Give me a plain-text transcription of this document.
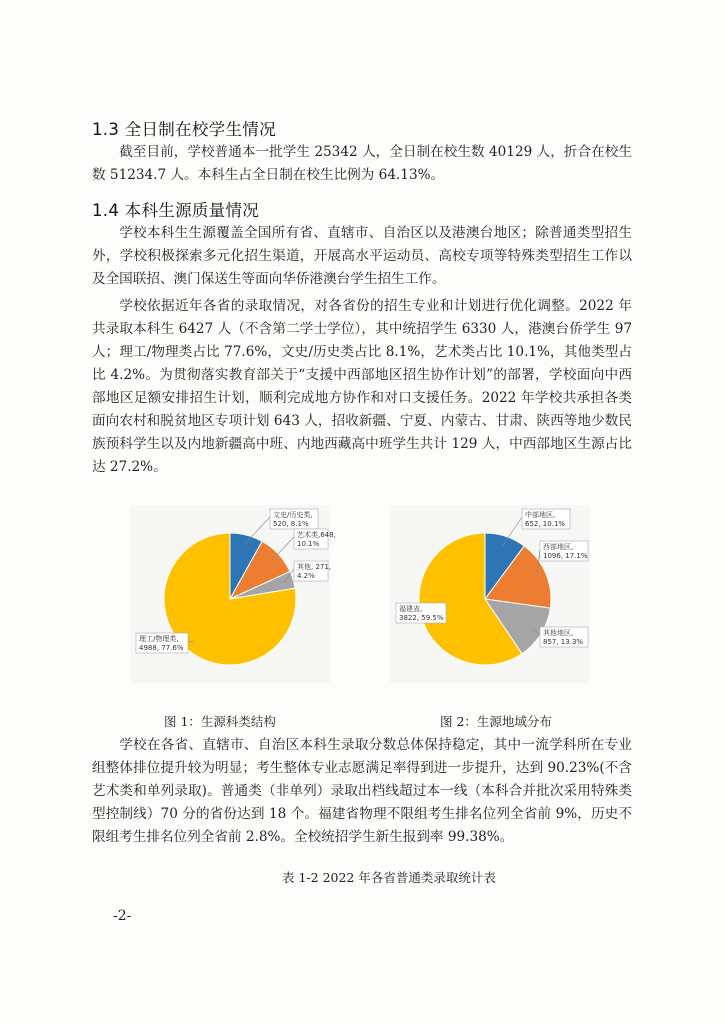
1.3 全日制在校学生情况

截至目前，学校普通本一批学生 25342 人，全日制在校生数 40129 人，折合在校生数 51234.7 人。本科生占全日制在校生比例为 64.13%。

1.4 本科生源质量情况

学校本科生生源覆盖全国所有省、直辖市、自治区以及港澳台地区；除普通类型招生外，学校积极探索多元化招生渠道，开展高水平运动员、高校专项等特殊类型招生工作以及全国联招、澳门保送生等面向华侨港澳台学生招生工作。

学校依据近年各省的录取情况，对各省份的招生专业和计划进行优化调整。2022 年共录取本科生 6427 人（不含第二学士学位），其中统招学生 6330 人，港澳台侨学生 97 人；理工/物理类占比 77.6%，文史/历史类占比 8.1%，艺术类占比 10.1%，其他类型占比 4.2%。为贯彻落实教育部关于“支援中西部地区招生协作计划”的部署，学校面向中西部地区足额安排招生计划，顺利完成地方协作和对口支援任务。2022 年学校共承担各类面向农村和脱贫地区专项计划 643 人，招收新疆、宁夏、内蒙古、甘肃、陕西等地少数民族预科学生以及内地新疆高中班、内地西藏高中班学生共计 129 人，中西部地区生源占比达 27.2%。

文史/历史类,
520, 8.1%
艺术类,648,
10.1%
其他, 271,
4.2%
理工/物理类,
4988, 77.6%
图 1：生源科类结构
中部地区,
652, 10.1%
西部地区,
1096, 17.1%
其他地区,
857, 13.3%
福建省,
3822, 59.5%
图 2：生源地域分布

学校在各省、直辖市、自治区本科生录取分数总体保持稳定，其中一流学科所在专业组整体排位提升较为明显；考生整体专业志愿满足率得到进一步提升，达到 90.23%(不含艺术类和单列录取)。普通类（非单列）录取出档线超过本一线（本科合并批次采用特殊类型控制线）70 分的省份达到 18 个。福建省物理不限组考生排名位列全省前 9%，历史不限组考生排名位列全省前 2.8%。全校统招学生新生报到率 99.38%。

表 1-2 2022 年各省普通类录取统计表
-2-
